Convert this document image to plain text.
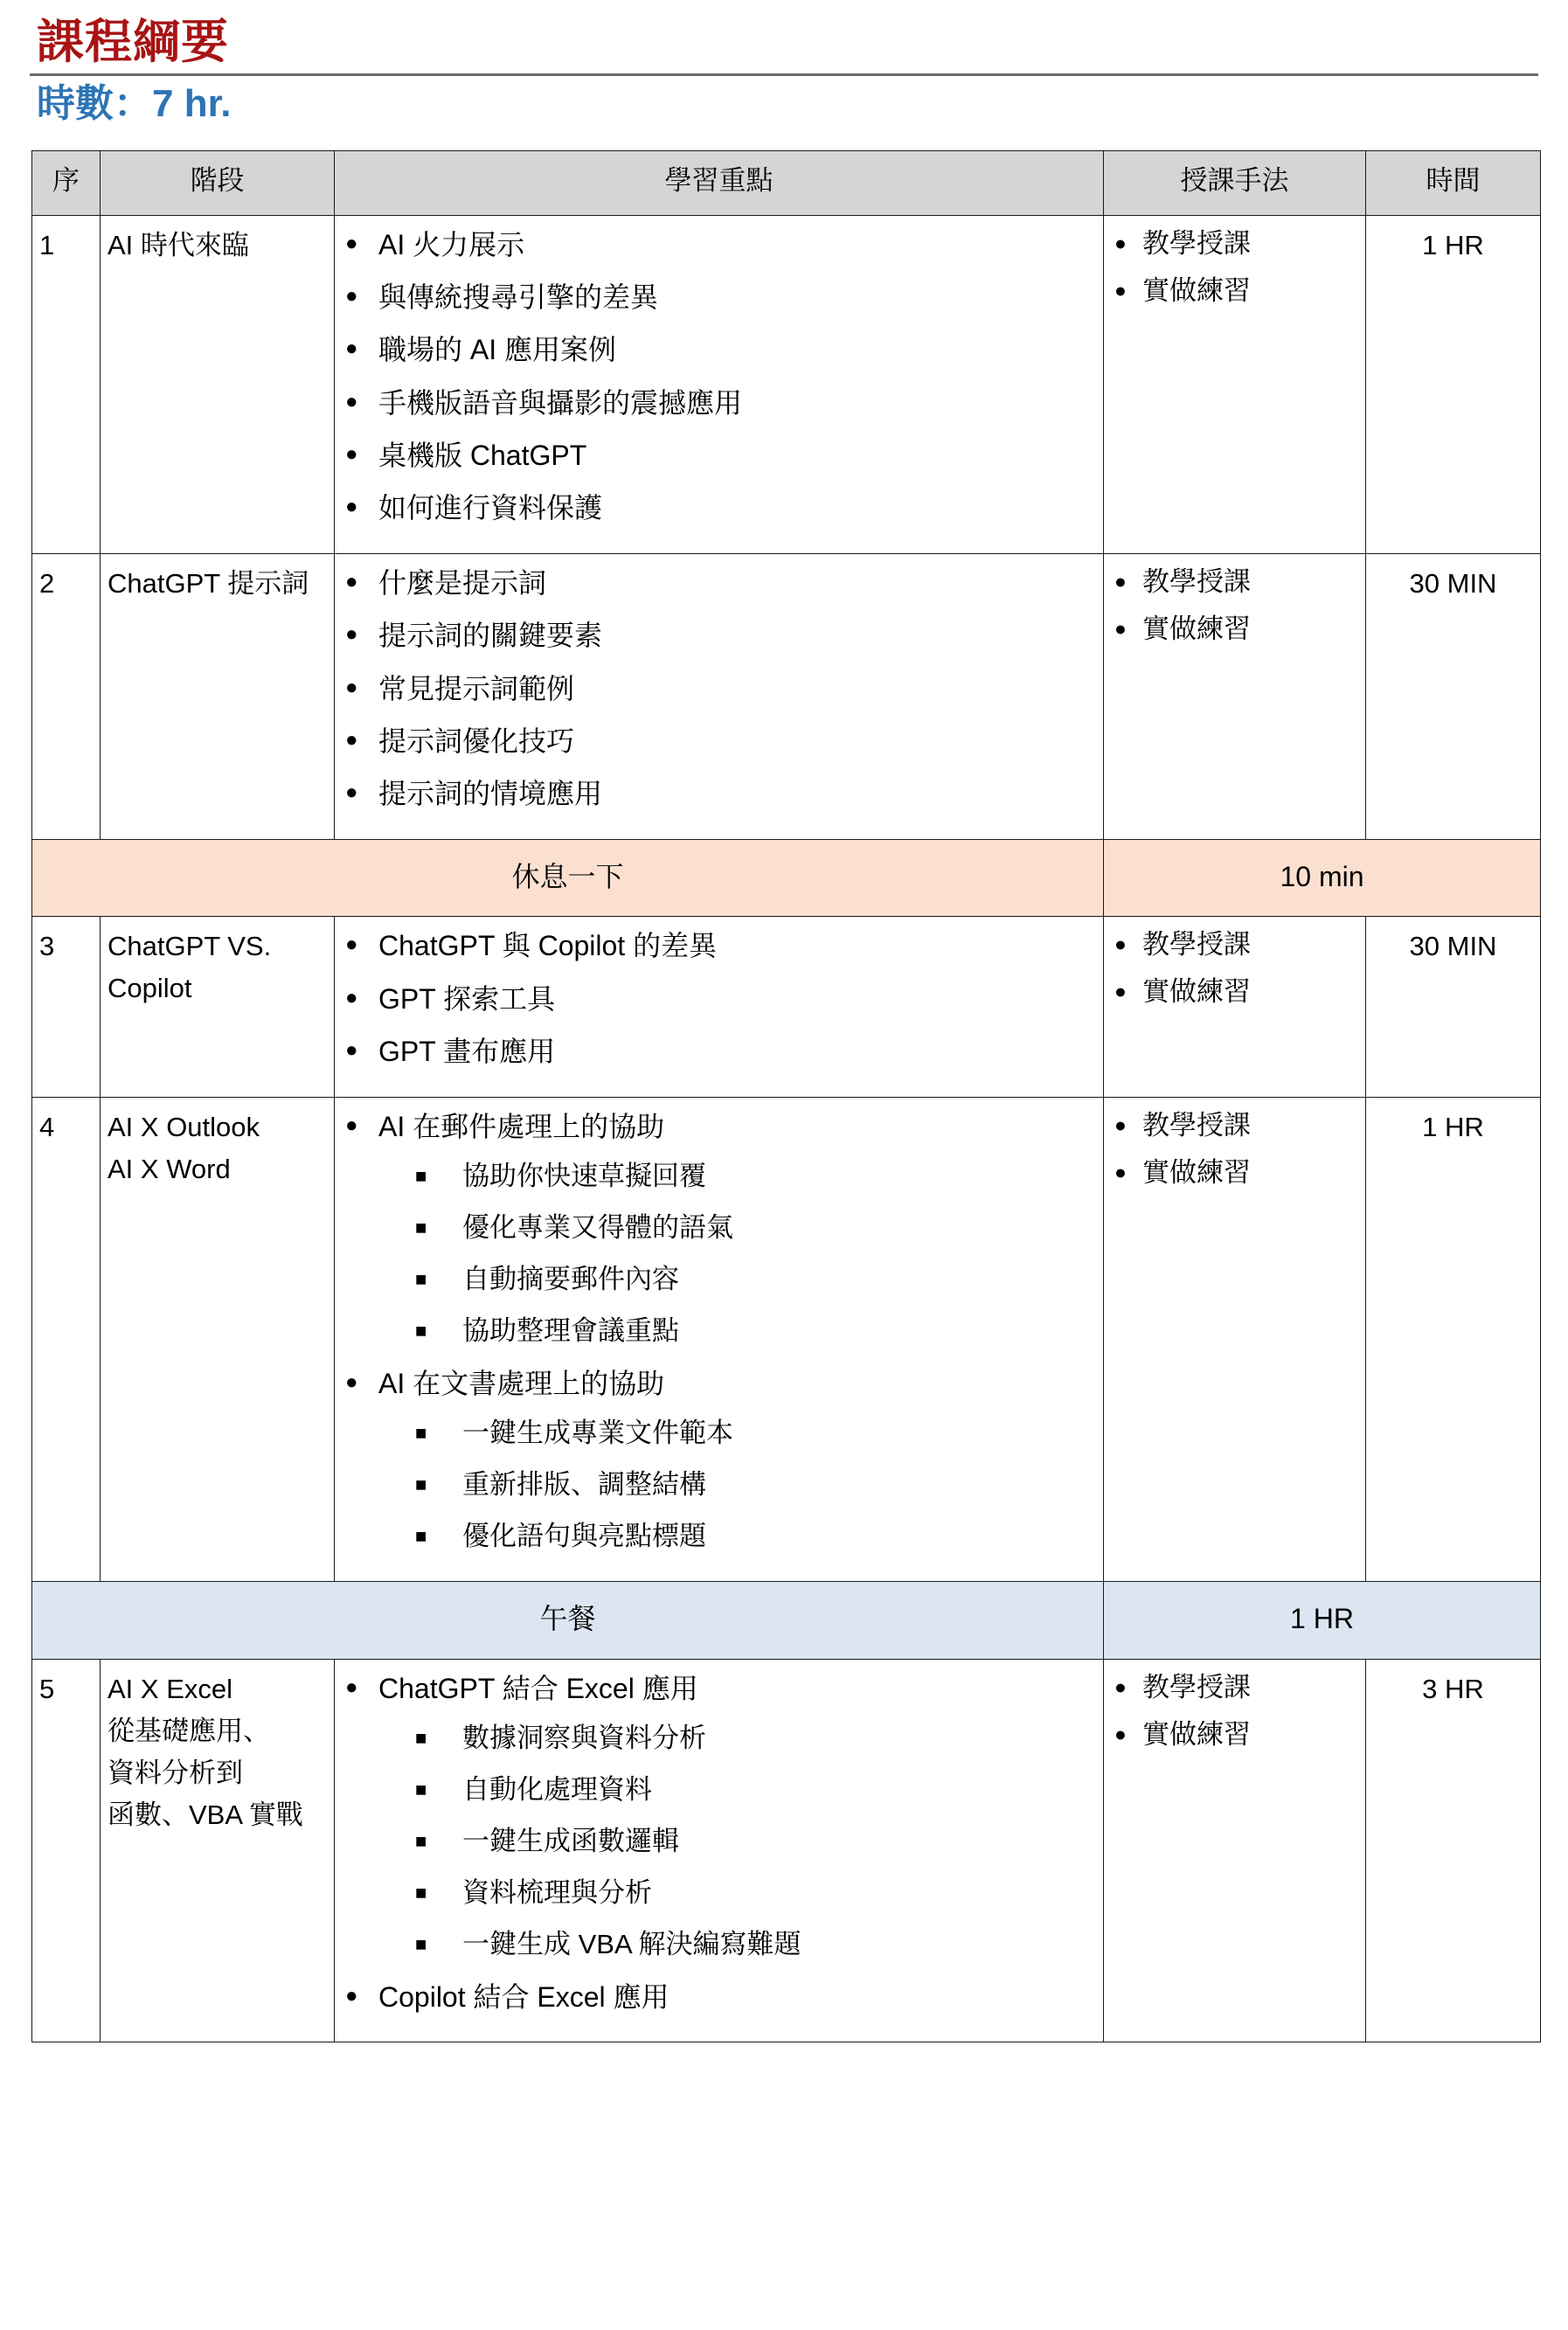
課程綱要
時數：7 hr.
序	階段	學習重點	授課手法	時間
1	AI 時代來臨

●AI 火力展示
● 與傳統搜尋引擎的差異
● 職場的 AI 應用案例
● 手機版語音與攝影的震撼應用
● 桌機版 ChatGPT
● 如何進行資料保護

● 教學授課
● 實做練習
	1 HR
2	ChatGPT 提示詞

●什麼是提示詞
● 提示詞的關鍵要素
● 常見提示詞範例
● 提示詞優化技巧
● 提示詞的情境應用

● 教學授課
● 實做練習
	30 MIN
休息一下			10 min	
3	ChatGPT VS.
Copilot

● ChatGPT 與 Copilot 的差異
● GPT 探索工具
● GPT 畫布應用

● 教學授課
● 實做練習
	30 MIN
4	AI X Outlook
AI X Word

● AI 在郵件處理上的協助
■ 協助你快速草擬回覆
■ 優化專業又得體的語氣
■ 自動摘要郵件內容
■ 協助整理會議重點
● AI 在文書處理上的協助
■ 一鍵生成專業文件範本
■ 重新排版、調整結構
■ 優化語句與亮點標題

● 教學授課
● 實做練習
	1 HR
午餐			1 HR	
5	AI X Excel
從基礎應用、
資料分析到
函數、VBA 實戰

● ChatGPT 結合 Excel 應用
■ 數據洞察與資料分析
■ 自動化處理資料
■ 一鍵生成函數邏輯
■ 資料梳理與分析
■ 一鍵生成 VBA 解決編寫難題
● Copilot 結合 Excel 應用

● 教學授課
● 實做練習
	3 HR
